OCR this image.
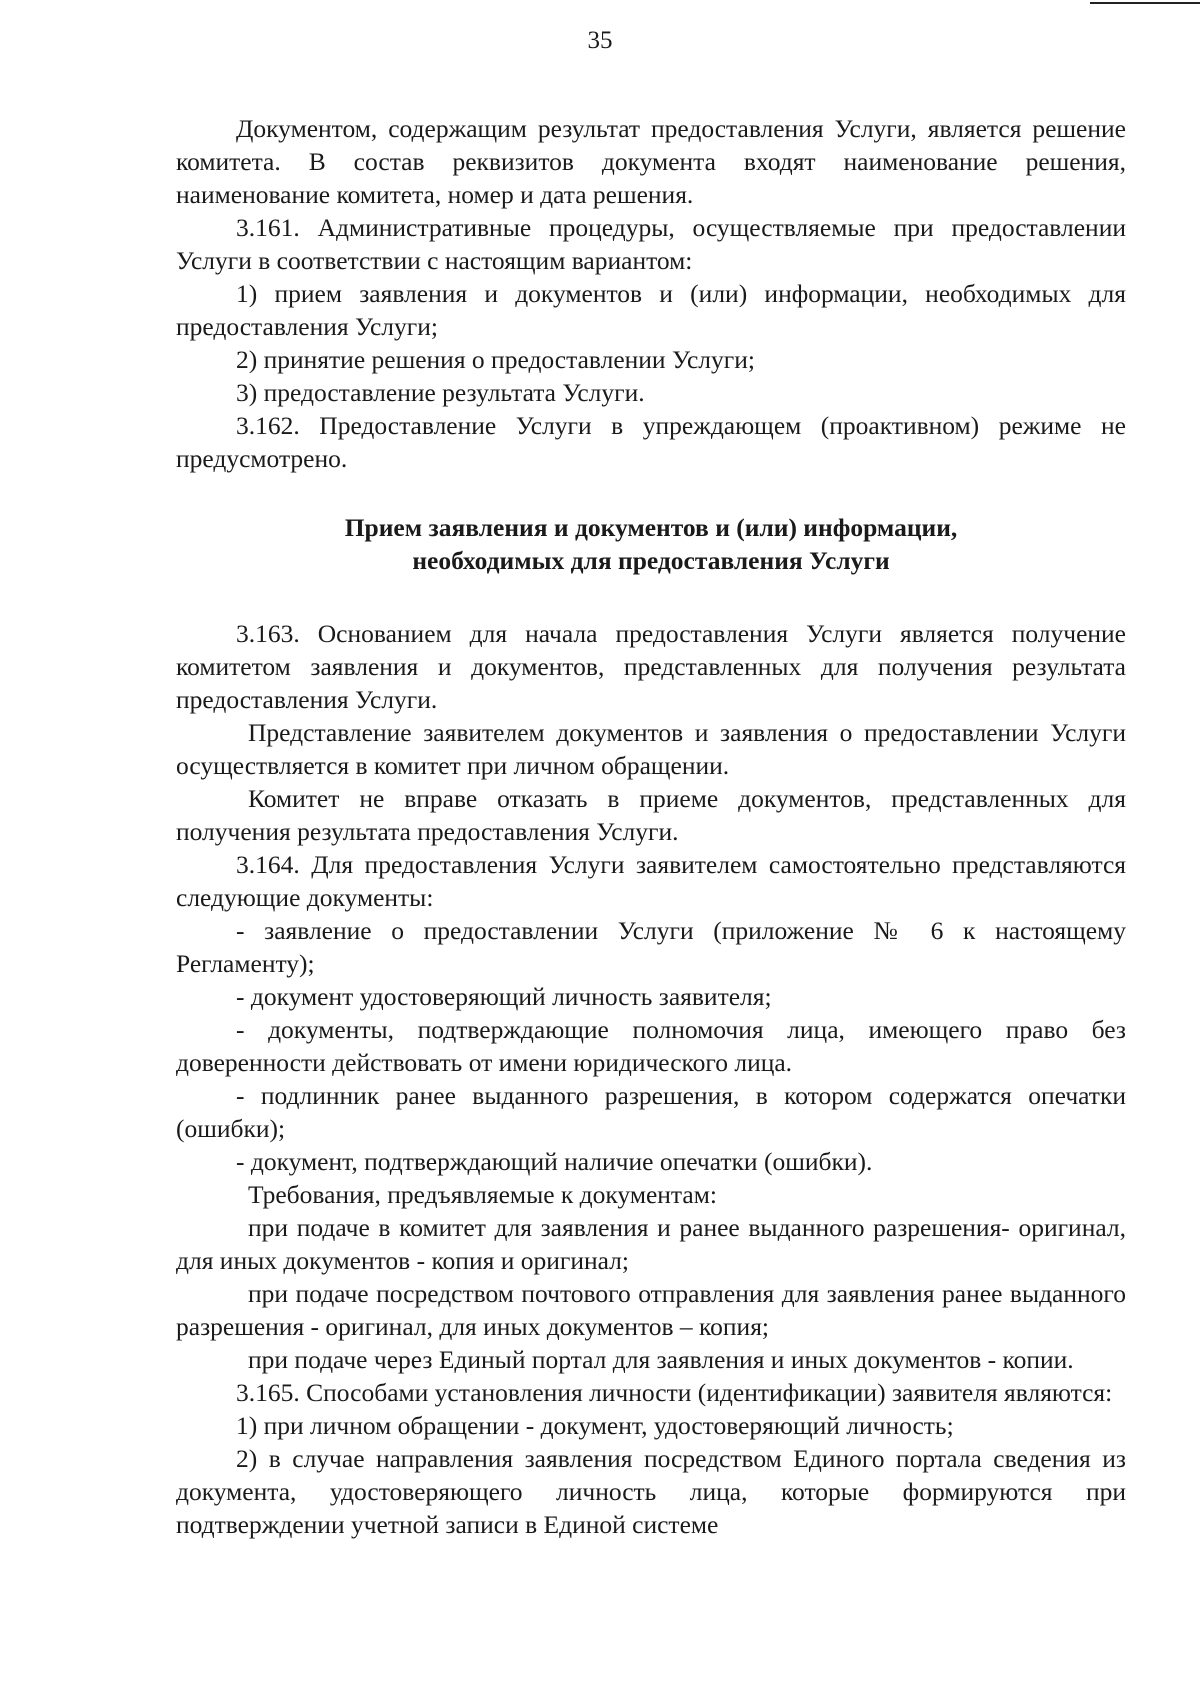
35

Документом, содержащим результат предоставления Услуги, является решение комитета. В состав реквизитов документа входят наименование решения, наименование комитета, номер и дата решения.

3.161. Административные процедуры, осуществляемые при предоставлении Услуги в соответствии с настоящим вариантом:

1) прием заявления и документов и (или) информации, необходимых для предоставления Услуги;

2) принятие решения о предоставлении Услуги;

3) предоставление результата Услуги.

3.162. Предоставление Услуги в упреждающем (проактивном) режиме не предусмотрено.

Прием заявления и документов и (или) информации,
необходимых для предоставления Услуги

3.163. Основанием для начала предоставления Услуги является получение комитетом заявления и документов, представленных для получения результата предоставления Услуги.

Представление заявителем документов и заявления о предоставлении Услуги осуществляется в комитет при личном обращении.

Комитет не вправе отказать в приеме документов, представленных для получения результата предоставления Услуги.

3.164. Для предоставления Услуги заявителем самостоятельно представляются следующие документы:

- заявление о предоставлении Услуги (приложение № 6 к настоящему Регламенту);

- документ удостоверяющий личность заявителя;

- документы, подтверждающие полномочия лица, имеющего право без доверенности действовать от имени юридического лица.

- подлинник ранее выданного разрешения, в котором содержатся опечатки (ошибки);

- документ, подтверждающий наличие опечатки (ошибки).

Требования, предъявляемые к документам:

при подаче в комитет для заявления и ранее выданного разрешения- оригинал, для иных документов - копия и оригинал;

при подаче посредством почтового отправления для заявления ранее выданного разрешения - оригинал, для иных документов – копия;

при подаче через Единый портал для заявления и иных документов - копии.

3.165. Способами установления личности (идентификации) заявителя являются:

1) при личном обращении - документ, удостоверяющий личность;

2) в случае направления заявления посредством Единого портала сведения из документа, удостоверяющего личность лица, которые формируются при подтверждении учетной записи в Единой системе
